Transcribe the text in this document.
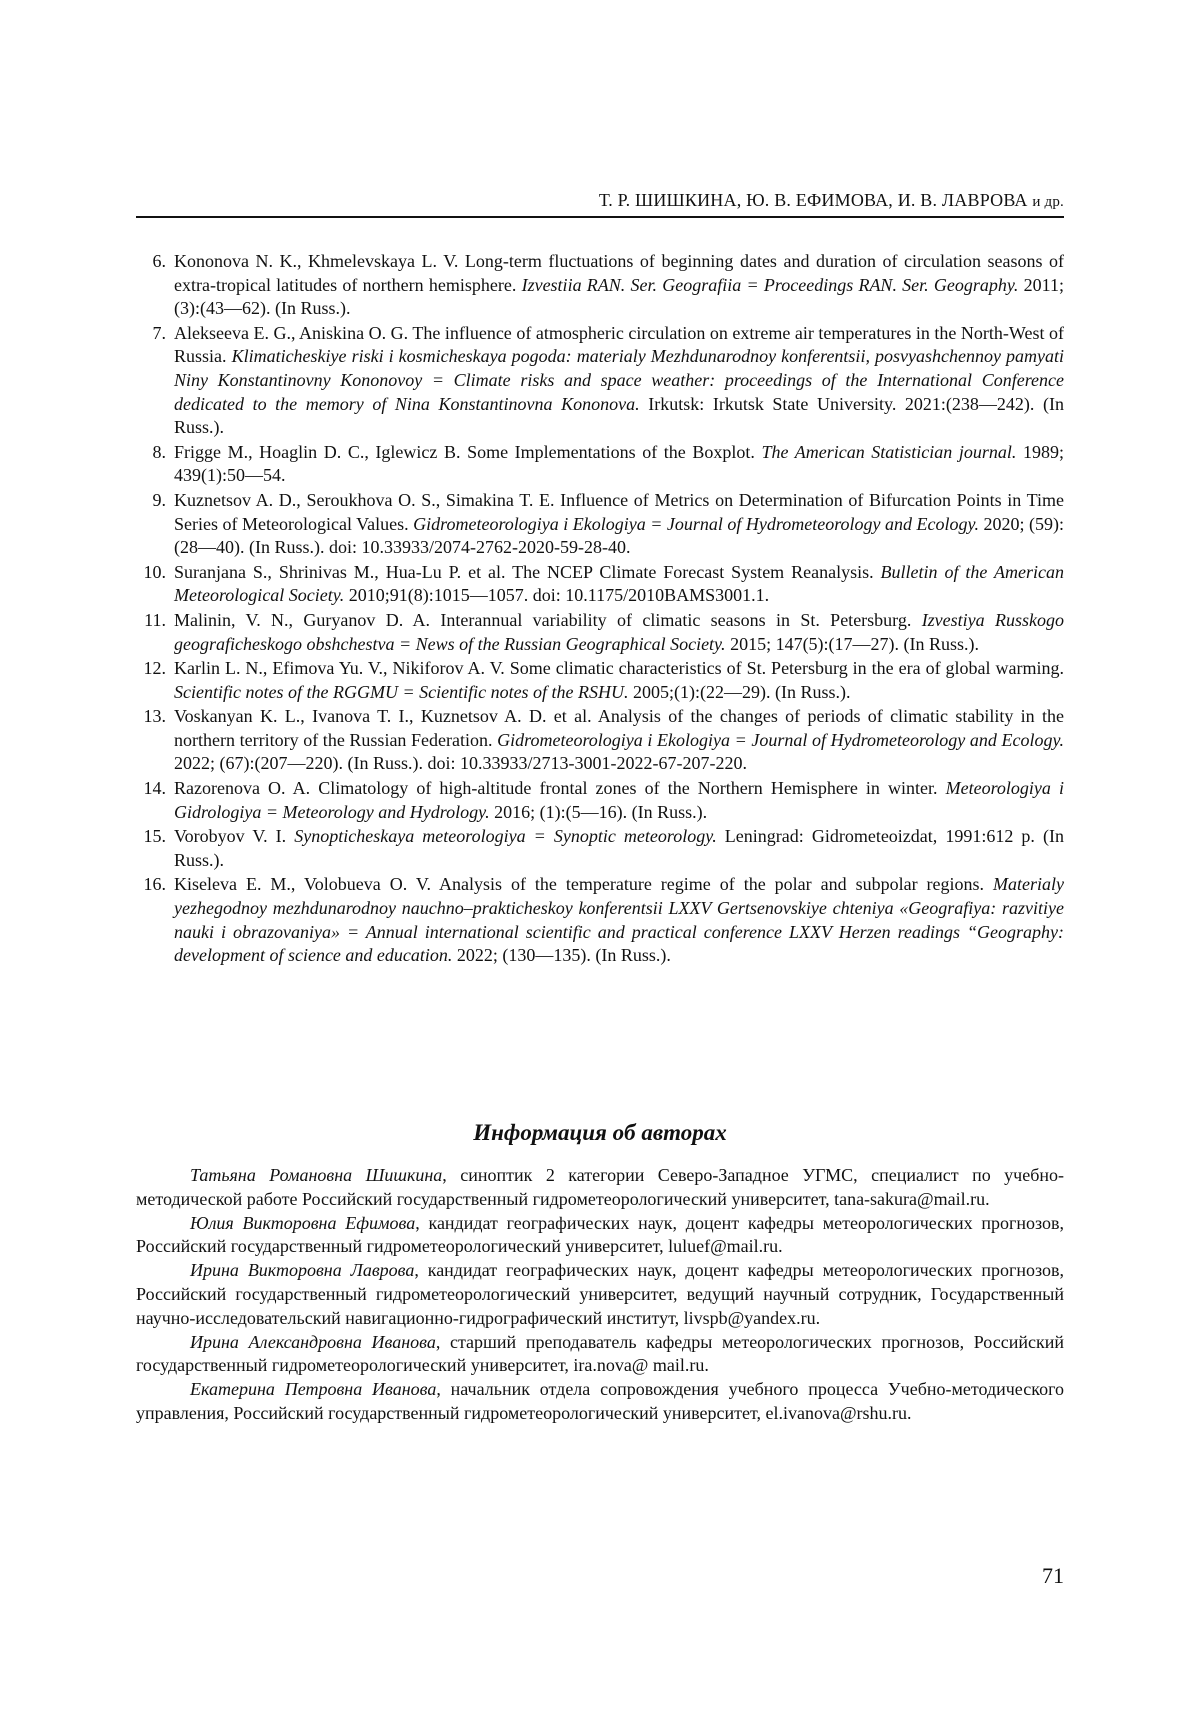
Т. Р. ШИШКИНА, Ю. В. ЕФИМОВА, И. В. ЛАВРОВА и др.
6. Kononova N. K., Khmelevskaya L. V. Long-term fluctuations of beginning dates and duration of circulation seasons of extra-tropical latitudes of northern hemisphere. Izvestiia RAN. Ser. Geografiia = Proceedings RAN. Ser. Geography. 2011; (3):(43—62). (In Russ.).
7. Alekseeva E. G., Aniskina O. G. The influence of atmospheric circulation on extreme air temperatures in the North-West of Russia. Klimaticheskiye riski i kosmicheskaya pogoda: materialy Mezhdunarodnoy konferentsii, posvyashchennoy pamyati Niny Konstantinovny Kononovoy = Climate risks and space weather: proceedings of the International Conference dedicated to the memory of Nina Konstantinovna Kononova. Irkutsk: Irkutsk State University. 2021:(238—242). (In Russ.).
8. Frigge M., Hoaglin D. C., Iglewicz B. Some Implementations of the Boxplot. The American Statistician journal. 1989; 439(1):50—54.
9. Kuznetsov A. D., Seroukhova O. S., Simakina T. E. Influence of Metrics on Determination of Bifurcation Points in Time Series of Meteorological Values. Gidrometeorologiya i Ekologiya = Journal of Hydrometeorology and Ecology. 2020; (59):(28—40). (In Russ.). doi: 10.33933/2074-2762-2020-59-28-40.
10. Suranjana S., Shrinivas M., Hua-Lu P. et al. The NCEP Climate Forecast System Reanalysis. Bulletin of the American Meteorological Society. 2010;91(8):1015—1057. doi: 10.1175/2010BAMS3001.1.
11. Malinin, V. N., Guryanov D. A. Interannual variability of climatic seasons in St. Petersburg. Izvestiya Russkogo geograficheskogo obshchestva = News of the Russian Geographical Society. 2015; 147(5):(17—27). (In Russ.).
12. Karlin L. N., Efimova Yu. V., Nikiforov A. V. Some climatic characteristics of St. Petersburg in the era of global warming. Scientific notes of the RGGMU = Scientific notes of the RSHU. 2005;(1):(22—29). (In Russ.).
13. Voskanyan K. L., Ivanova T. I., Kuznetsov A. D. et al. Analysis of the changes of periods of climatic stability in the northern territory of the Russian Federation. Gidrometeorologiya i Ekologiya = Journal of Hydrometeorology and Ecology. 2022; (67):(207—220). (In Russ.). doi: 10.33933/2713-3001-2022-67-207-220.
14. Razorenova O. A. Climatology of high-altitude frontal zones of the Northern Hemisphere in winter. Meteorologiya i Gidrologiya = Meteorology and Hydrology. 2016; (1):(5—16). (In Russ.).
15. Vorobyov V. I. Synopticheskaya meteorologiya = Synoptic meteorology. Leningrad: Gidrometeoizdat, 1991:612 p. (In Russ.).
16. Kiseleva E. M., Volobueva O. V. Analysis of the temperature regime of the polar and subpolar regions. Materialy yezhegodnoy mezhdunarodnoy nauchno–prakticheskoy konferentsii LXXV Gertsenovskiye chteniya «Geografiya: razvitiye nauki i obrazovaniya» = Annual international scientific and practical conference LXXV Herzen readings “Geography: development of science and education. 2022; (130—135). (In Russ.).
Информация об авторах

Татьяна Романовна Шишкина, синоптик 2 категории Северо-Западное УГМС, специалист по учебно-методической работе Российский государственный гидрометеорологический университет, tana-sakura@mail.ru.

Юлия Викторовна Ефимова, кандидат географических наук, доцент кафедры метеорологических прогнозов, Российский государственный гидрометеорологический университет, luluef@mail.ru.

Ирина Викторовна Лаврова, кандидат географических наук, доцент кафедры метеорологических прогнозов, Российский государственный гидрометеорологический университет, ведущий научный сотрудник, Государственный научно-исследовательский навигационно-гидрографический институт, livspb@yandex.ru.

Ирина Александровна Иванова, старший преподаватель кафедры метеорологических прогнозов, Российский государственный гидрометеорологический университет, ira.nova@ mail.ru.

Екатерина Петровна Иванова, начальник отдела сопровождения учебного процесса Учебно-методического управления, Российский государственный гидрометеорологический университет, el.ivanova@rshu.ru.

71
